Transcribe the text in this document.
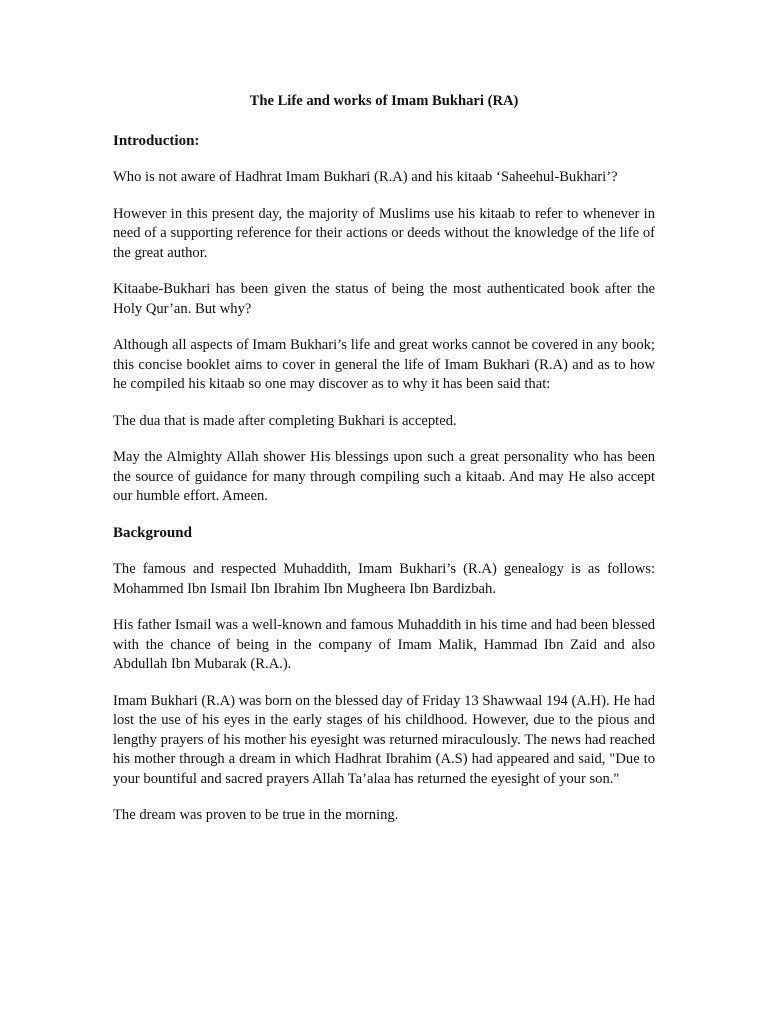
The Life and works of Imam Bukhari (RA)
Introduction:

Who is not aware of Hadhrat Imam Bukhari (R.A) and his kitaab ‘Saheehul-Bukhari’?

However in this present day, the majority of Muslims use his kitaab to refer to whenever in need of a supporting reference for their actions or deeds without the knowledge of the life of the great author.

Kitaabe-Bukhari has been given the status of being the most authenticated book after the Holy Qur’an. But why?

Although all aspects of Imam Bukhari’s life and great works cannot be covered in any book; this concise booklet aims to cover in general the life of Imam Bukhari (R.A) and as to how he compiled his kitaab so one may discover as to why it has been said that:

The dua that is made after completing Bukhari is accepted.

May the Almighty Allah shower His blessings upon such a great personality who has been the source of guidance for many through compiling such a kitaab. And may He also accept our humble effort. Ameen.

Background

The famous and respected Muhaddith, Imam Bukhari’s (R.A) genealogy is as follows: Mohammed Ibn Ismail Ibn Ibrahim Ibn Mugheera Ibn Bardizbah.

His father Ismail was a well-known and famous Muhaddith in his time and had been blessed with the chance of being in the company of Imam Malik, Hammad Ibn Zaid and also Abdullah Ibn Mubarak (R.A.).

Imam Bukhari (R.A) was born on the blessed day of Friday 13 Shawwaal 194 (A.H). He had lost the use of his eyes in the early stages of his childhood. However, due to the pious and lengthy prayers of his mother his eyesight was returned miraculously. The news had reached his mother through a dream in which Hadhrat Ibrahim (A.S) had appeared and said, "Due to your bountiful and sacred prayers Allah Ta’alaa has returned the eyesight of your son."

The dream was proven to be true in the morning.
